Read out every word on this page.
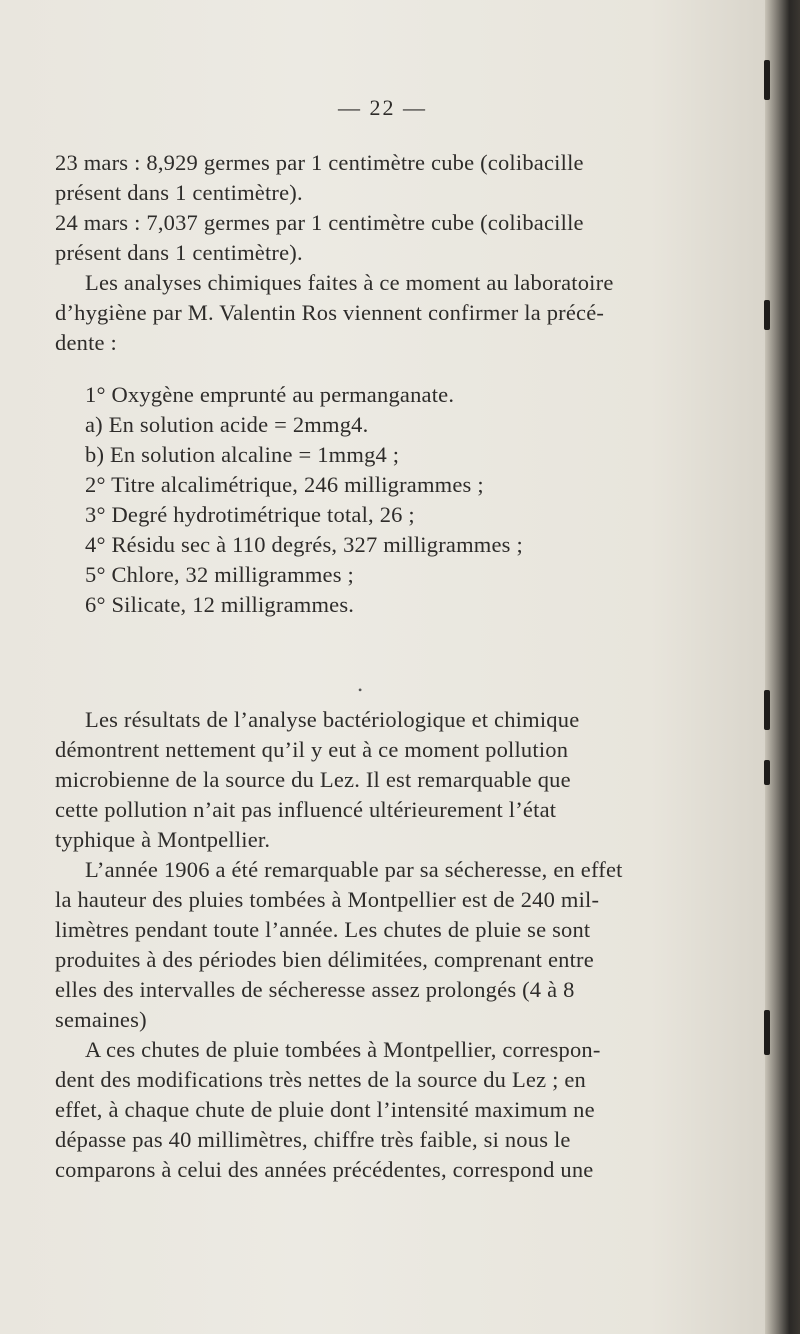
— 22 —
23 mars : 8,929 germes par 1 centimètre cube (colibacille
présent dans 1 centimètre).
24 mars : 7,037 germes par 1 centimètre cube (colibacille
présent dans 1 centimètre).
Les analyses chimiques faites à ce moment au laboratoire
d’hygiène par M. Valentin Ros viennent confirmer la précé-
dente :
1° Oxygène emprunté au permanganate.
a) En solution acide = 2mmg4.
b) En solution alcaline = 1mmg4 ;
2° Titre alcalimétrique, 246 milligrammes ;
3° Degré hydrotimétrique total, 26 ;
4° Résidu sec à 110 degrés, 327 milligrammes ;
5° Chlore, 32 milligrammes ;
6° Silicate, 12 milligrammes.
•
Les résultats de l’analyse bactériologique et chimique
démontrent nettement qu’il y eut à ce moment pollution
microbienne de la source du Lez. Il est remarquable que
cette pollution n’ait pas influencé ultérieurement l’état
typhique à Montpellier.
L’année 1906 a été remarquable par sa sécheresse, en effet
la hauteur des pluies tombées à Montpellier est de 240 mil-
limètres pendant toute l’année. Les chutes de pluie se sont
produites à des périodes bien délimitées, comprenant entre
elles des intervalles de sécheresse assez prolongés (4 à 8
semaines)
A ces chutes de pluie tombées à Montpellier, correspon-
dent des modifications très nettes de la source du Lez ; en
effet, à chaque chute de pluie dont l’intensité maximum ne
dépasse pas 40 millimètres, chiffre très faible, si nous le
comparons à celui des années précédentes, correspond une
